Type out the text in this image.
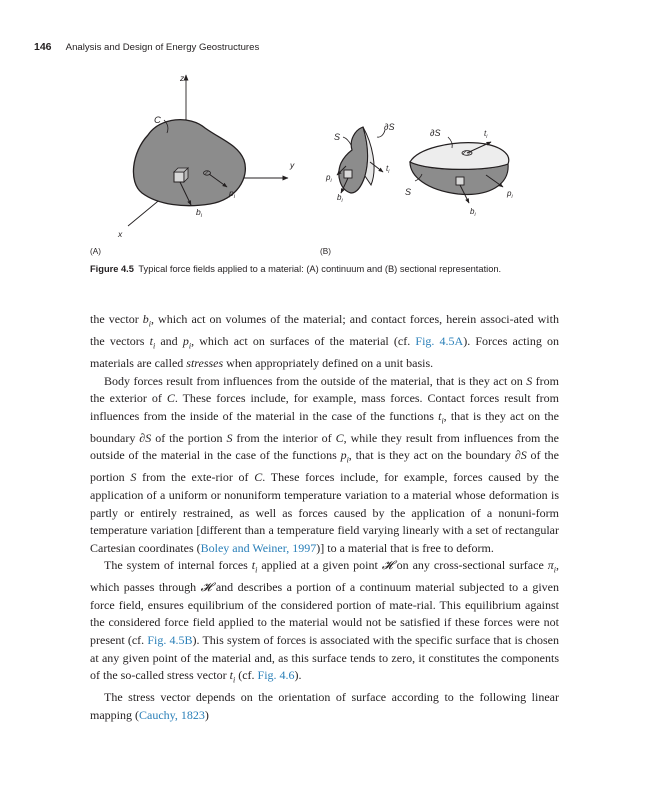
146 Analysis and Design of Energy Geostructures
z
y
x
C
$p_i$
$b_i$
S
∂S
$p_i$
$b_i$
$t_i$
∂S	$t_i$
S	$p_i$
$b_i$
(A)	(B)
Figure 4.5 Typical force fields applied to a material: (A) continuum and (B) sectional representation.

the vector $b_i$, which act on volumes of the material; and contact forces, herein associ-ated with the vectors $t_i$ and $p_i$, which act on surfaces of the material (cf. Fig. 4.5A). Forces acting on materials are called stresses when appropriately defined on a unit basis.

Body forces result from influences from the outside of the material, that is they act on S from the exterior of C. These forces include, for example, mass forces. Contact forces result from influences from the inside of the material in the case of the functions $t_i$, that is they act on the boundary ∂S of the portion S from the interior of C, while they result from influences from the outside of the material in the case of the functions $p_i$, that is they act on the boundary ∂S of the portion S from the exte-rior of C. These forces include, for example, forces caused by the application of a uniform or nonuniform temperature variation to a material whose deformation is partly or entirely restrained, as well as forces caused by the application of a nonuni-form temperature variation [different than a temperature field varying linearly with a set of rectangular Cartesian coordinates (Boley and Weiner, 1997)] to a material that is free to deform.

The system of internal forces $t_i$ applied at a given point 𝓗 on any cross-sectional surface $\pi_i$, which passes through 𝓗 and describes a portion of a continuum material subjected to a given force field, ensures equilibrium of the considered portion of mate-rial. This equilibrium against the considered force field applied to the material would not be satisfied if these forces were not present (cf. Fig. 4.5B). This system of forces is associated with the specific surface that is chosen at any given point of the material and, as this surface tends to zero, it constitutes the components of the so-called stress vector $t_i$ (cf. Fig. 4.6).

The stress vector depends on the orientation of surface according to the following linear mapping (Cauchy, 1823)
